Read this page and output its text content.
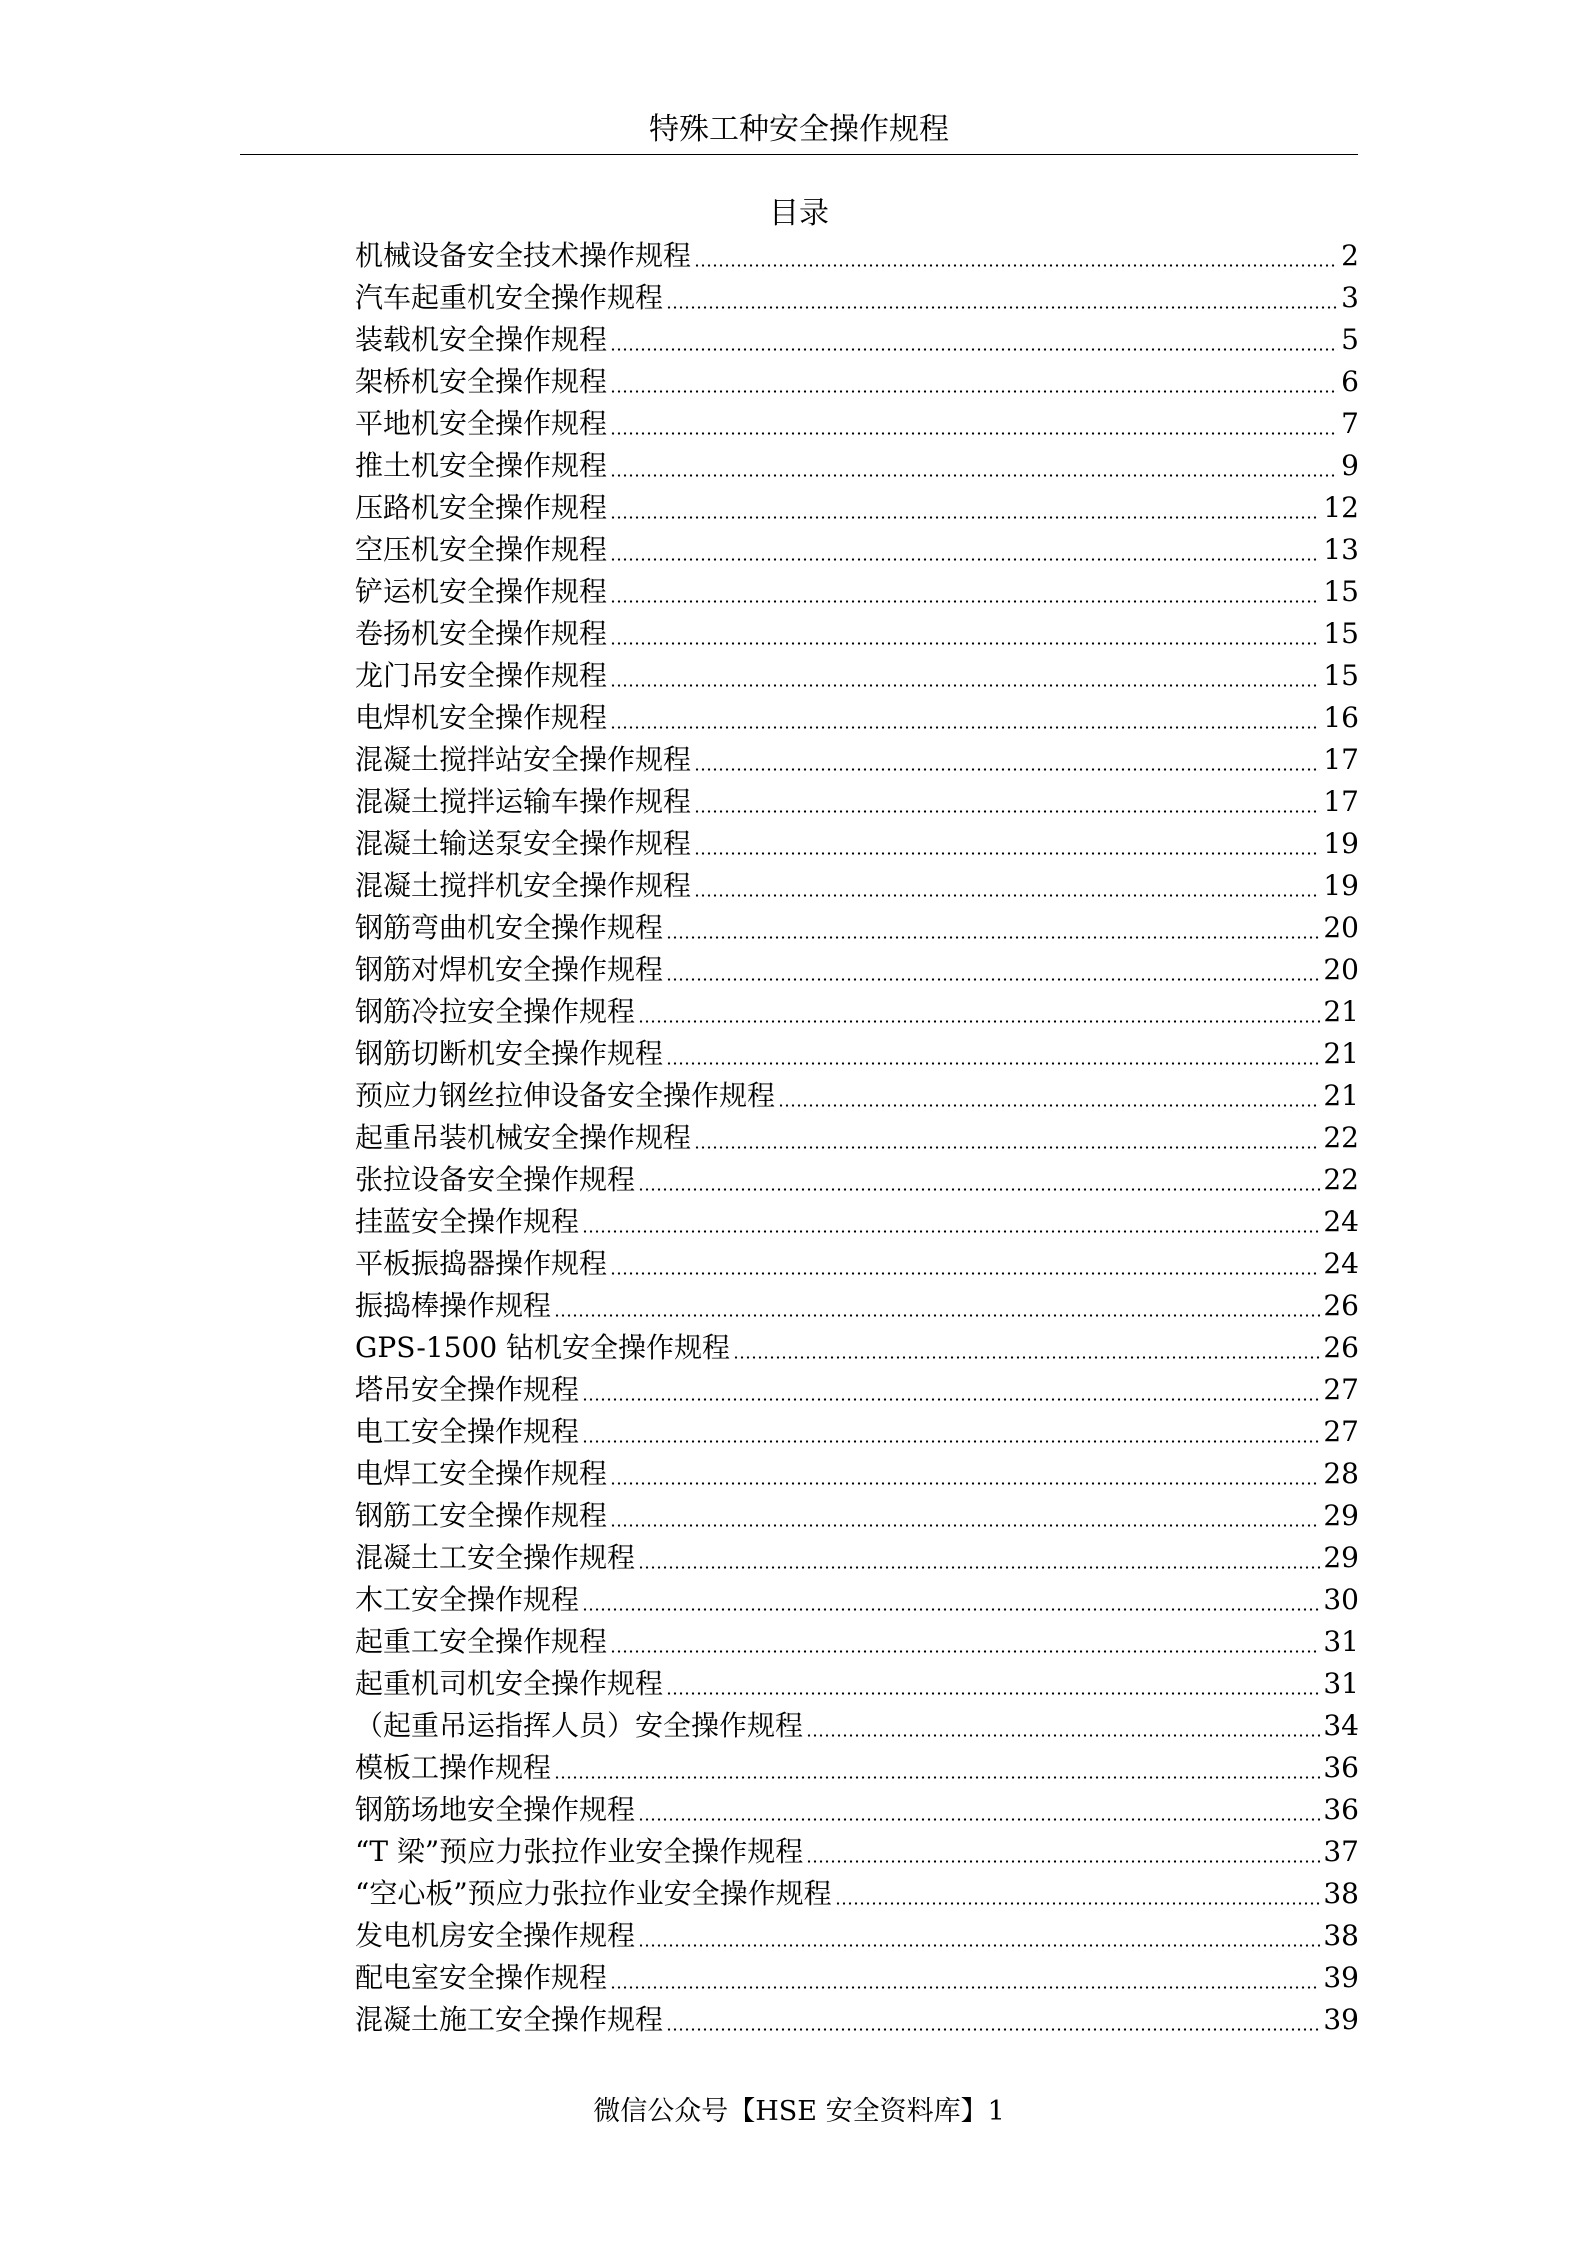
特殊工种安全操作规程
目录
机械设备安全技术操作规程	2
汽车起重机安全操作规程	3
装载机安全操作规程	5
架桥机安全操作规程	6
平地机安全操作规程	7
推土机安全操作规程	9
压路机安全操作规程	12
空压机安全操作规程	13
铲运机安全操作规程	15
卷扬机安全操作规程	15
龙门吊安全操作规程	15
电焊机安全操作规程	16
混凝土搅拌站安全操作规程	17
混凝土搅拌运输车操作规程	17
混凝土输送泵安全操作规程	19
混凝土搅拌机安全操作规程	19
钢筋弯曲机安全操作规程	20
钢筋对焊机安全操作规程	20
钢筋冷拉安全操作规程	21
钢筋切断机安全操作规程	21
预应力钢丝拉伸设备安全操作规程	21
起重吊装机械安全操作规程	22
张拉设备安全操作规程	22
挂蓝安全操作规程	24
平板振捣器操作规程	24
振捣棒操作规程	26
GPS-1500 钻机安全操作规程	26
塔吊安全操作规程	27
电工安全操作规程	27
电焊工安全操作规程	28
钢筋工安全操作规程	29
混凝土工安全操作规程	29
木工安全操作规程	30
起重工安全操作规程	31
起重机司机安全操作规程	31
（起重吊运指挥人员）安全操作规程	34
模板工操作规程	36
钢筋场地安全操作规程	36
“T 梁”预应力张拉作业安全操作规程	37
“空心板”预应力张拉作业安全操作规程	38
发电机房安全操作规程	38
配电室安全操作规程	39
混凝土施工安全操作规程	39
微信公众号【HSE 安全资料库】1
